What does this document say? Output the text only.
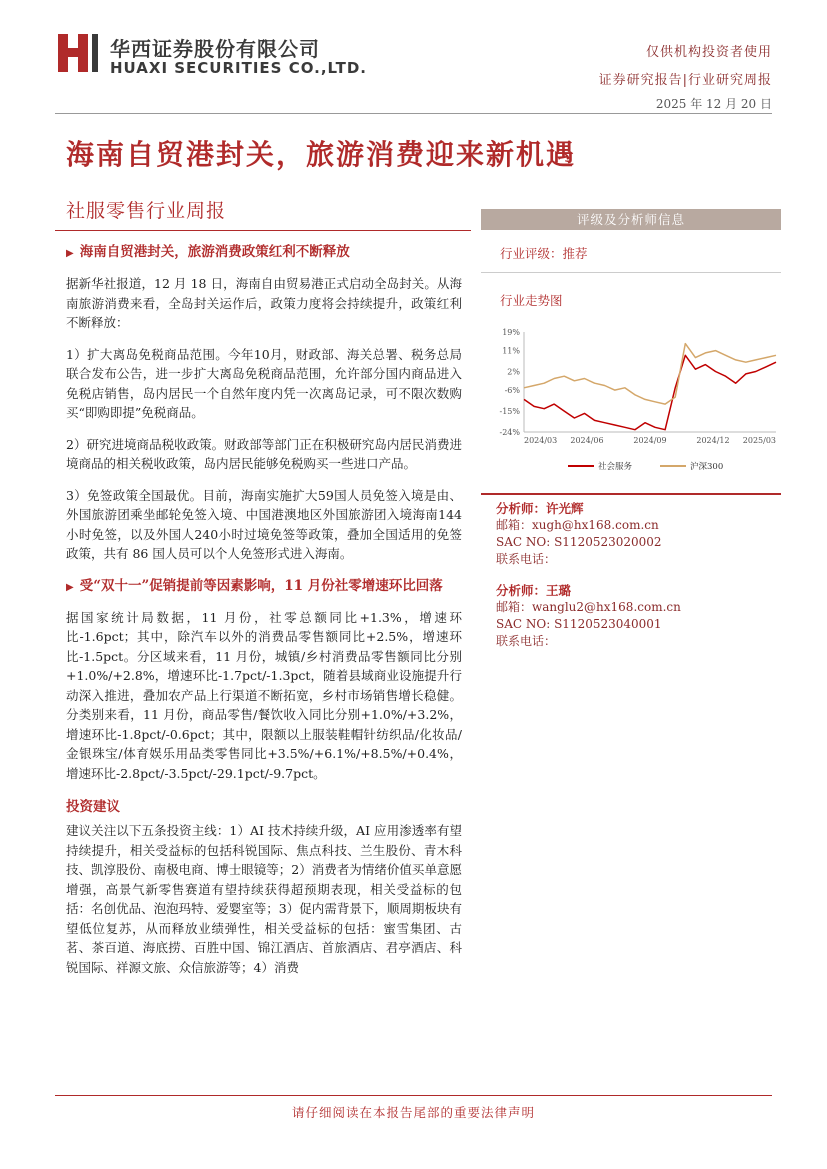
华西证券股份有限公司
HUAXI SECURITIES CO.,LTD.
仅供机构投资者使用
证券研究报告|行业研究周报
2025 年 12 月 20 日
海南自贸港封关，旅游消费迎来新机遇
社服零售行业周报
▶ 海南自贸港封关，旅游消费政策红利不断释放

据新华社报道，12 月 18 日，海南自由贸易港正式启动全岛封关。从海南旅游消费来看，全岛封关运作后，政策力度将会持续提升，政策红利不断释放：

1）扩大离岛免税商品范围。今年10月，财政部、海关总署、税务总局联合发布公告，进一步扩大离岛免税商品范围，允许部分国内商品进入免税店销售，岛内居民一个自然年度内凭一次离岛记录，可不限次数购买“即购即提”免税商品。

2）研究进境商品税收政策。财政部等部门正在积极研究岛内居民消费进境商品的相关税收政策，岛内居民能够免税购买一些进口产品。

3）免签政策全国最优。目前，海南实施扩大59国人员免签入境是由、外国旅游团乘坐邮轮免签入境、中国港澳地区外国旅游团入境海南144小时免签，以及外国人240小时过境免签等政策，叠加全国适用的免签政策，共有 86 国人员可以个人免签形式进入海南。

▶ 受“双十一”促销提前等因素影响，11 月份社零增速环比回落

据国家统计局数据，11 月份，社零总额同比+1.3%，增速环比-1.6pct；其中，除汽车以外的消费品零售额同比+2.5%，增速环比-1.5pct。分区域来看，11 月份，城镇/乡村消费品零售额同比分别+1.0%/+2.8%，增速环比-1.7pct/-1.3pct，随着县域商业设施提升行动深入推进，叠加农产品上行渠道不断拓宽，乡村市场销售增长稳健。分类别来看，11 月份，商品零售/餐饮收入同比分别+1.0%/+3.2%，增速环比-1.8pct/-0.6pct；其中，限额以上服装鞋帽针纺织品/化妆品/金银珠宝/体育娱乐用品类零售同比+3.5%/+6.1%/+8.5%/+0.4%，增速环比-2.8pct/-3.5pct/-29.1pct/-9.7pct。

投资建议

建议关注以下五条投资主线：1）AI 技术持续升级，AI 应用渗透率有望持续提升，相关受益标的包括科锐国际、焦点科技、兰生股份、青木科技、凯淳股份、南极电商、博士眼镜等；2）消费者为情绪价值买单意愿增强，高景气新零售赛道有望持续获得超预期表现，相关受益标的包括：名创优品、泡泡玛特、爱婴室等；3）促内需背景下，顺周期板块有望低位复苏，从而释放业绩弹性，相关受益标的包括：蜜雪集团、古茗、茶百道、海底捞、百胜中国、锦江酒店、首旅酒店、君亭酒店、科锐国际、祥源文旅、众信旅游等；4）消费

评级及分析师信息
行业评级：推荐
行业走势图
19%
11%
2%
-6%
-15%
-24%
2024/03 2024/06	2024/09	2024/12 2025/03
社会服务	沪深300
分析师：许光辉
邮箱：xugh@hx168.com.cn
SAC NO: S1120523020002
联系电话：
分析师：王璐
邮箱：wanglu2@hx168.com.cn
SAC NO: S1120523040001
联系电话：
请仔细阅读在本报告尾部的重要法律声明
